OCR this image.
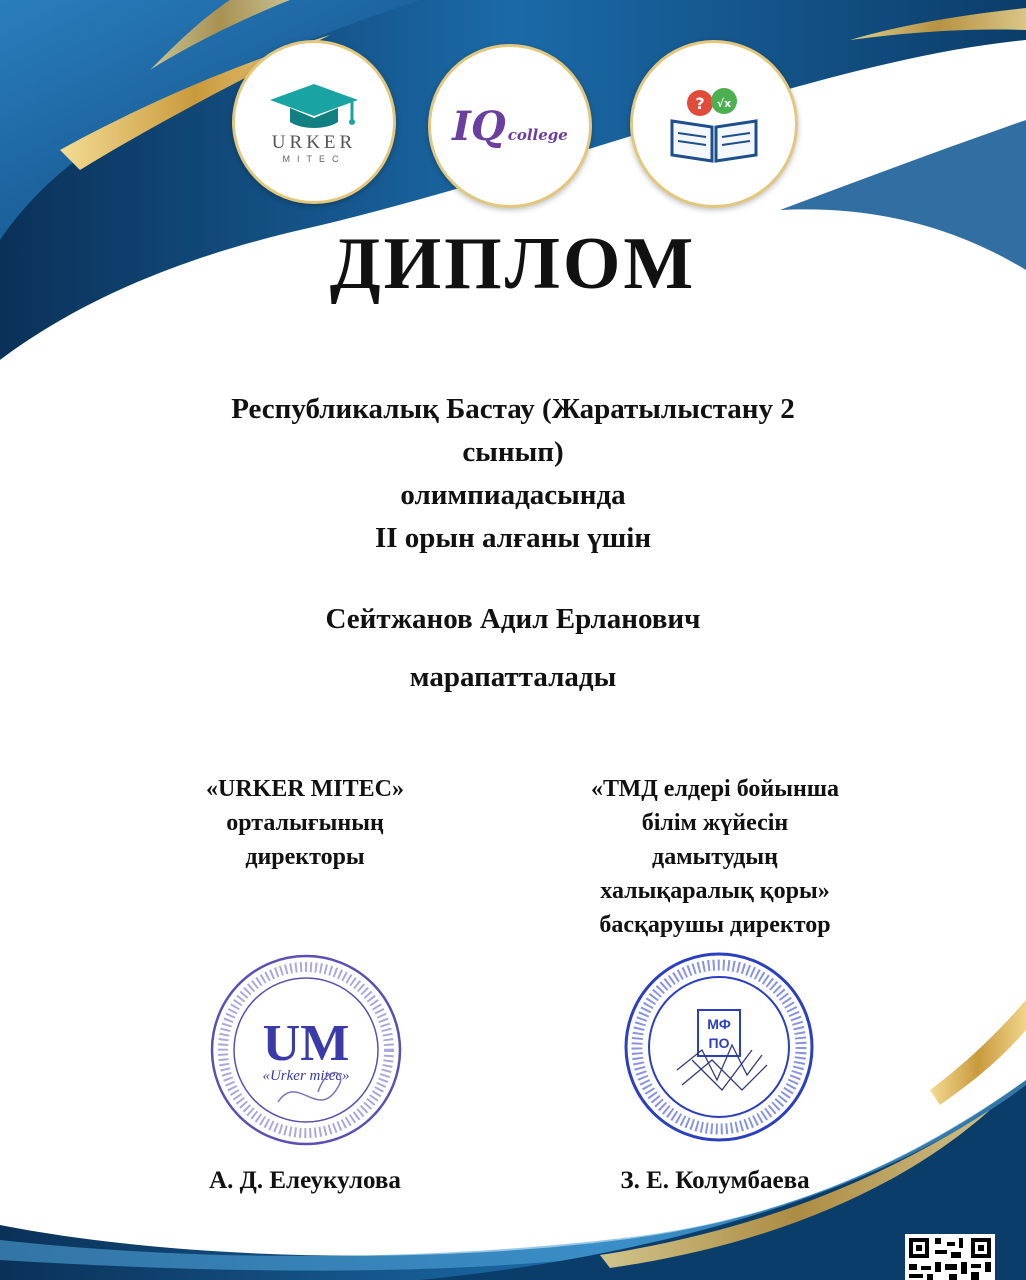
URKER
MITEC
IQ college
? √x
ДИПЛОМ
Республикалық Бастау (Жаратылыстану 2
сынып)
олимпиадасында
II орын алғаны үшін
Сейтжанов Адил Ерланович
марапатталады
«URKER MITEC»
орталығының
директоры
«ТМД елдері бойынша
білім жүйесін
дамытудың
халықаралық қоры»
басқарушы директор
UM
«Urker mitec»
МФ
ПО
А. Д. Елеукулова	З. Е. Колумбаева
